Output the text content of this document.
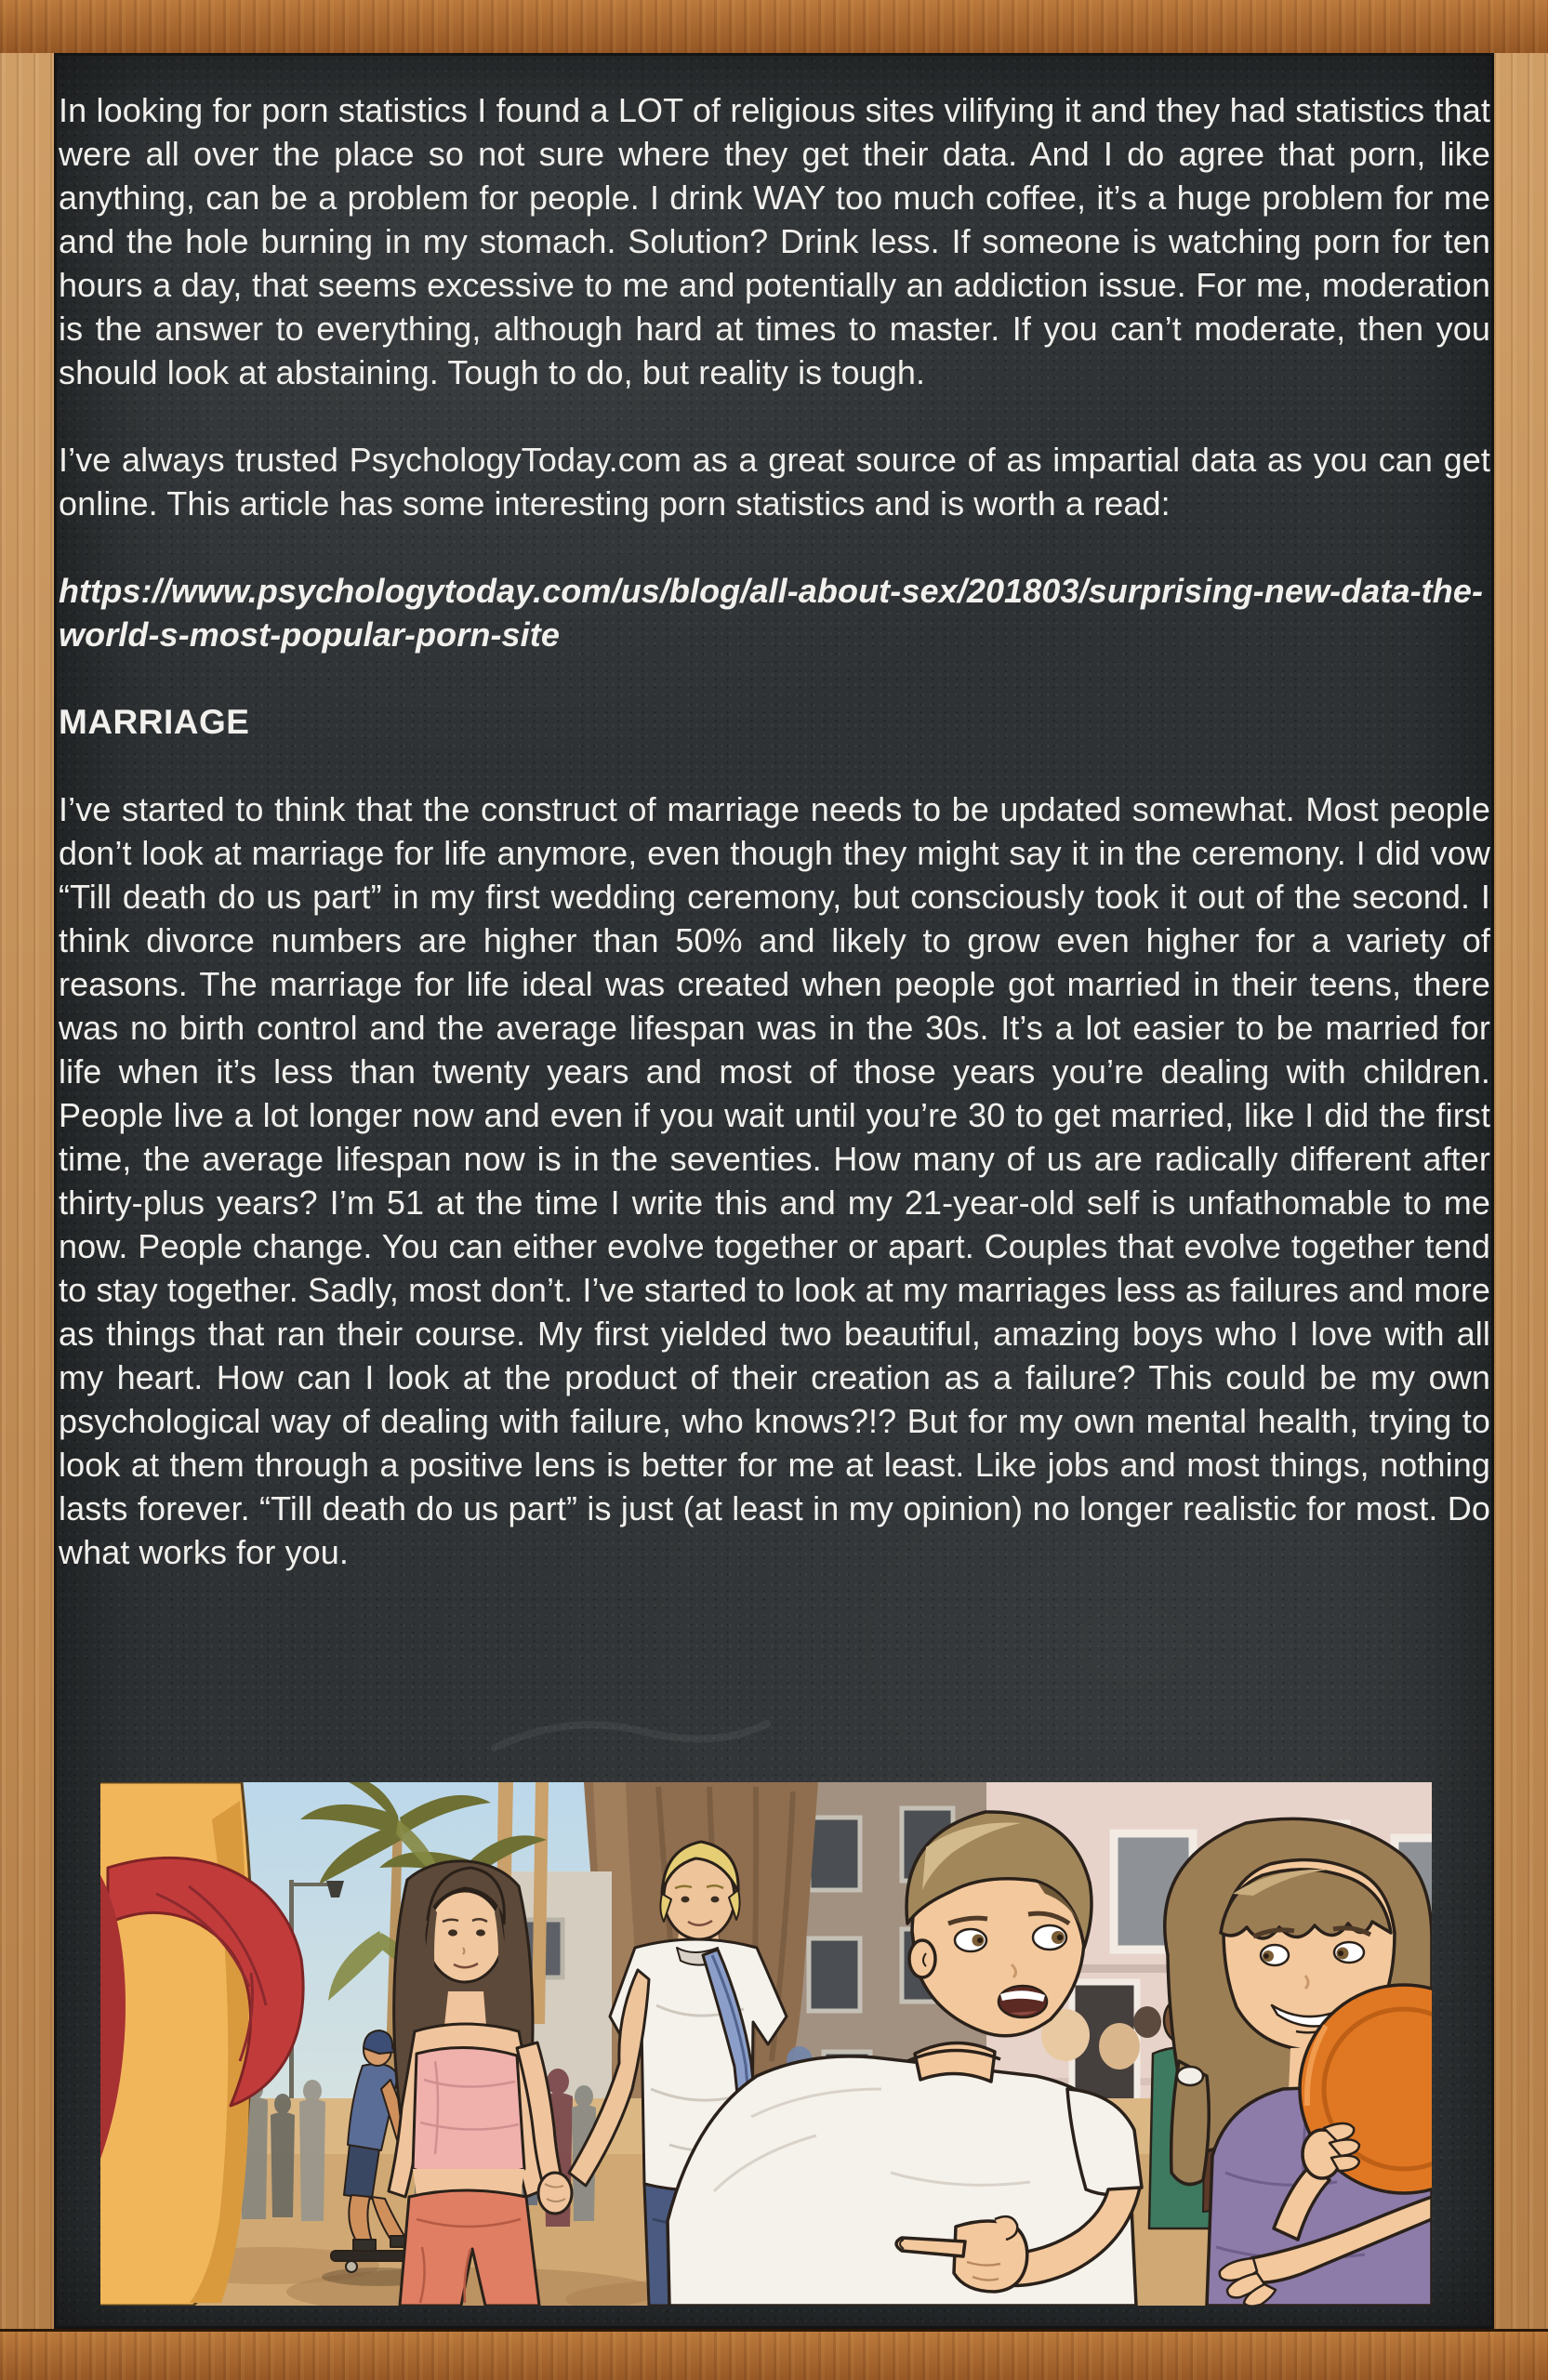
In looking for porn statistics I found a LOT of religious sites vilifying it and they had statistics that were all over the place so not sure where they get their data. And I do agree that porn, like anything, can be a problem for people. I drink WAY too much coffee, it’s a huge problem for me and the hole burning in my stomach. Solution? Drink less. If someone is watching porn for ten hours a day, that seems excessive to me and potentially an addiction issue. For me, moderation is the answer to everything, although hard at times to master. If you can’t moderate, then you should look at abstaining. Tough to do, but reality is tough.

I’ve always trusted PsychologyToday.com as a great source of as impartial data as you can get online. This article has some interesting porn statistics and is worth a read:

https://www.psychologytoday.com/us/blog/all-about-sex/201803/surprising-new-data-the-world-s-most-popular-porn-site

MARRIAGE

I’ve started to think that the construct of marriage needs to be updated somewhat. Most people don’t look at marriage for life anymore, even though they might say it in the ceremony. I did vow “Till death do us part” in my first wedding ceremony, but consciously took it out of the second. I think divorce numbers are higher than 50% and likely to grow even higher for a variety of reasons. The marriage for life ideal was created when people got married in their teens, there was no birth control and the average lifespan was in the 30s. It’s a lot easier to be married for life when it’s less than twenty years and most of those years you’re dealing with children. People live a lot longer now and even if you wait until you’re 30 to get married, like I did the first time, the average lifespan now is in the seventies. How many of us are radically different after thirty-plus years? I’m 51 at the time I write this and my 21-year-old self is unfathomable to me now. People change. You can either evolve together or apart. Couples that evolve together tend to stay together. Sadly, most don’t. I’ve started to look at my marriages less as failures and more as things that ran their course. My first yielded two beautiful, amazing boys who I love with all my heart. How can I look at the product of their creation as a failure? This could be my own psychological way of dealing with failure, who knows?!? But for my own mental health, trying to look at them through a positive lens is better for me at least. Like jobs and most things, nothing lasts forever. “Till death do us part” is just (at least in my opinion) no longer realistic for most. Do what works for you.
